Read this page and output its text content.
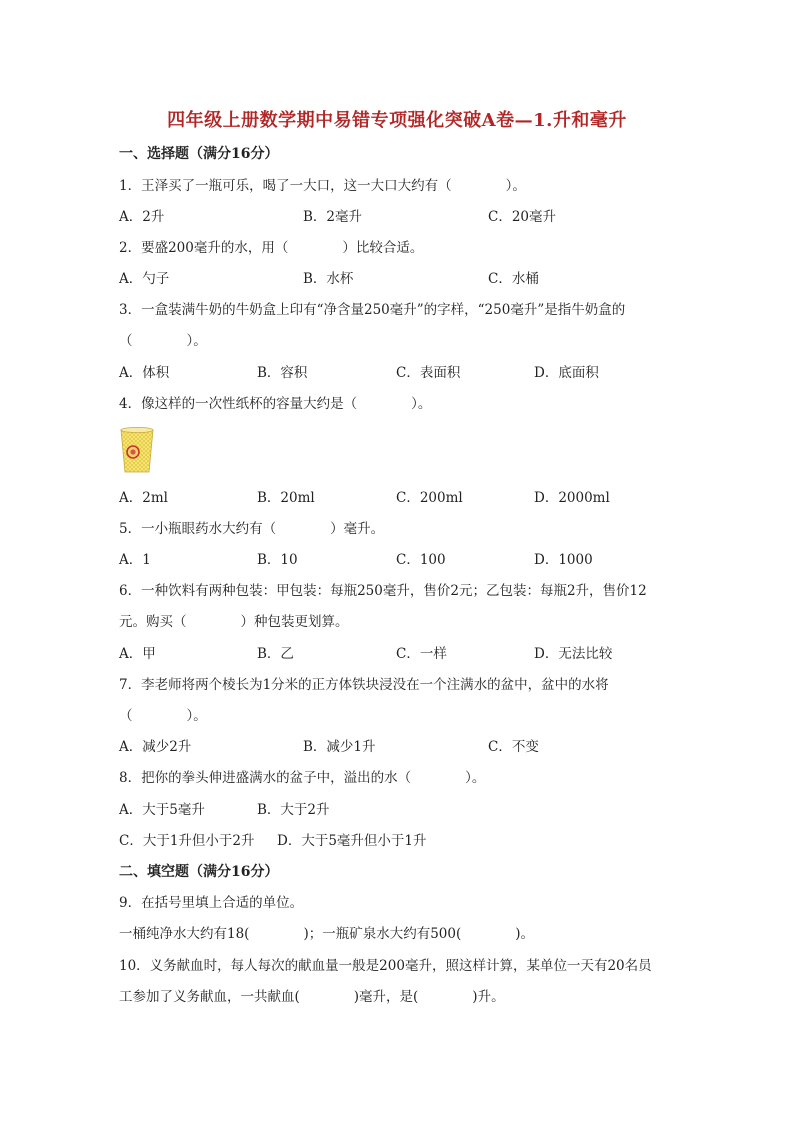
四年级上册数学期中易错专项强化突破A卷—1.升和毫升
一、选择题（满分16分）
1．王泽买了一瓶可乐，喝了一大口，这一大口大约有（　　　　）。
A．2升	B．2毫升	C．20毫升
2．要盛200毫升的水，用（　　　　）比较合适。
A．勺子	B．水杯	C．水桶
3．一盒装满牛奶的牛奶盒上印有“净含量250毫升”的字样，“250毫升”是指牛奶盒的
（　　　　）。
A．体积	B．容积	C．表面积	D．底面积
4．像这样的一次性纸杯的容量大约是（　　　　）。
A．2ml	B．20ml	C．200ml	D．2000ml
5．一小瓶眼药水大约有（　　　　）毫升。
A．1	B．10	C．100	D．1000
6．一种饮料有两种包装：甲包装：每瓶250毫升，售价2元；乙包装：每瓶2升，售价12
元。购买（　　　　）种包装更划算。
A．甲	B．乙	C．一样	D．无法比较
7．李老师将两个棱长为1分米的正方体铁块浸没在一个注满水的盆中，盆中的水将
（　　　　）。
A．减少2升	B．减少1升	C．不变
8．把你的拳头伸进盛满水的盆子中，溢出的水（　　　　）。
A．大于5毫升	B．大于2升
C．大于1升但小于2升 D．大于5毫升但小于1升
二、填空题（满分16分）
9．在括号里填上合适的单位。
一桶纯净水大约有18(　　　　)；一瓶矿泉水大约有500(　　　　)。
10．义务献血时，每人每次的献血量一般是200毫升，照这样计算，某单位一天有20名员
工参加了义务献血，一共献血(　　　　)毫升，是(　　　　)升。
